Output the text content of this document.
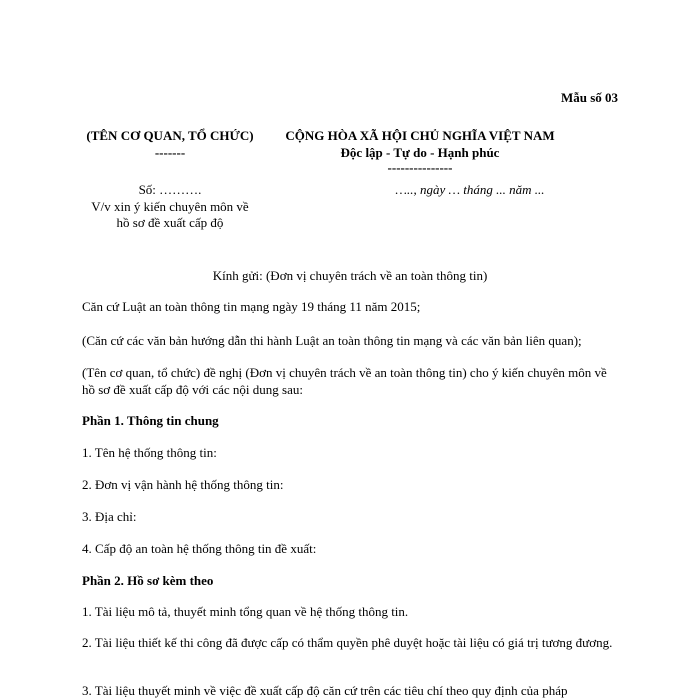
Mẫu số 03
(TÊN CƠ QUAN, TỔ CHỨC)
-------
CỘNG HÒA XÃ HỘI CHỦ NGHĨA VIỆT NAM
Độc lập - Tự do - Hạnh phúc
---------------
Số: ……….	….., ngày … tháng ... năm ...
V/v xin ý kiến chuyên môn về
hồ sơ đề xuất cấp độ
Kính gửi: (Đơn vị chuyên trách về an toàn thông tin)
Căn cứ Luật an toàn thông tin mạng ngày 19 tháng 11 năm 2015;
(Căn cứ các văn bản hướng dẫn thi hành Luật an toàn thông tin mạng và các văn bản liên quan);
(Tên cơ quan, tổ chức) đề nghị (Đơn vị chuyên trách về an toàn thông tin) cho ý kiến chuyên môn về hồ sơ đề xuất cấp độ với các nội dung sau:
Phần 1. Thông tin chung
1. Tên hệ thống thông tin:
2. Đơn vị vận hành hệ thống thông tin:
3. Địa chỉ:
4. Cấp độ an toàn hệ thống thông tin đề xuất:
Phần 2. Hồ sơ kèm theo
1. Tài liệu mô tả, thuyết minh tổng quan về hệ thống thông tin.
2. Tài liệu thiết kế thi công đã được cấp có thẩm quyền phê duyệt hoặc tài liệu có giá trị tương đương.
3. Tài liệu thuyết minh về việc đề xuất cấp độ căn cứ trên các tiêu chí theo quy định của pháp
